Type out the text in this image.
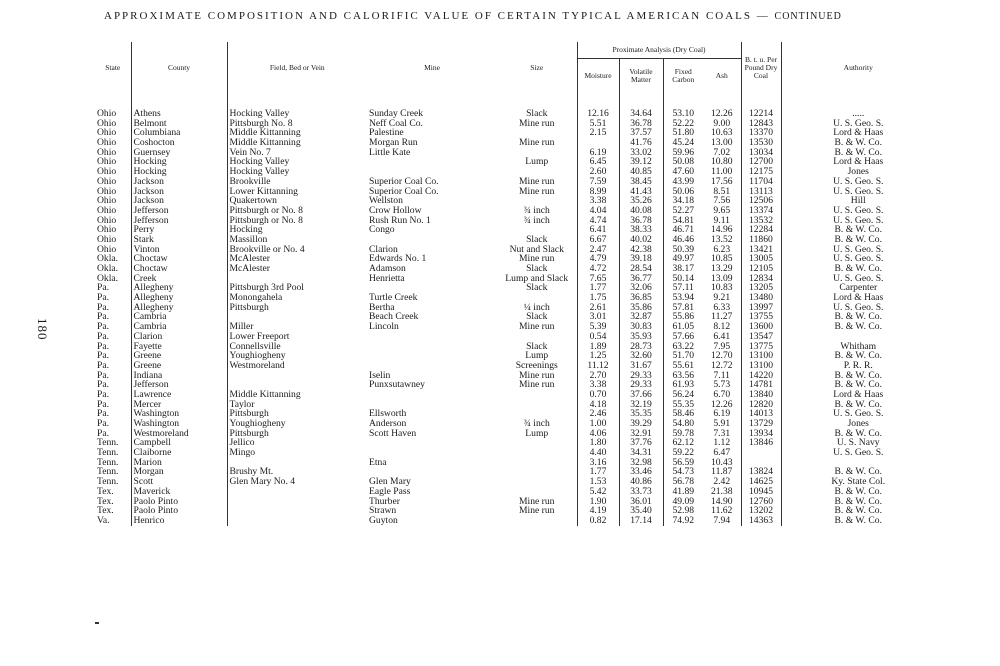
180
APPROXIMATE COMPOSITION AND CALORIFIC VALUE OF CERTAIN TYPICAL AMERICAN COALS — CONTINUED
State	County	Field, Bed or Vein	Mine	Size	Proximate Analysis (Dry Coal)				B. t. u. Per Pound Dry Coal	Authority
					Moisture	Volatile Matter	Fixed Carbon	Ash		

Ohio	Athens	Hocking Valley	Sunday Creek	Slack	12.16	34.64	53.10	12.26	12214	.....
Ohio	Belmont	Pittsburgh No. 8	Neff Coal Co.	Mine run	5.51	36.78	52.22	9.00	12843	U. S. Geo. S.
Ohio	Columbiana	Middle Kittanning	Palestine		2.15	37.57	51.80	10.63	13370	Lord & Haas
Ohio	Coshocton	Middle Kittanning	Morgan Run	Mine run		41.76	45.24	13.00	13530	B. & W. Co.
Ohio	Guernsey	Vein No. 7	Little Kate		6.19	33.02	59.96	7.02	13034	B. & W. Co.
Ohio	Hocking	Hocking Valley		Lump	6.45	39.12	50.08	10.80	12700	Lord & Haas
Ohio	Hocking	Hocking Valley			2.60	40.85	47.60	11.00	12175	Jones
Ohio	Jackson	Brookville	Superior Coal Co.	Mine run	7.59	38.45	43.99	17.56	11704	U. S. Geo. S.
Ohio	Jackson	Lower Kittanning	Superior Coal Co.	Mine run	8.99	41.43	50.06	8.51	13113	U. S. Geo. S.
Ohio	Jackson	Quakertown	Wellston		3.38	35.26	34.18	7.56	12506	Hill
Ohio	Jefferson	Pittsburgh or No. 8	Crow Hollow	¾ inch	4.04	40.08	52.27	9.65	13374	U. S. Geo. S.
Ohio	Jefferson	Pittsburgh or No. 8	Rush Run No. 1	¾ inch	4.74	36.78	54.81	9.11	13532	U. S. Geo. S.
Ohio	Perry	Hocking	Congo		6.41	38.33	46.71	14.96	12284	B. & W. Co.
Ohio	Stark	Massillon		Slack	6.67	40.02	46.46	13.52	11860	B. & W. Co.
Ohio	Vinton	Brookville or No. 4	Clarion	Nut and Slack	2.47	42.38	50.39	6.23	13421	U. S. Geo. S.
Okla.	Choctaw	McAlester	Edwards No. 1	Mine run	4.79	39.18	49.97	10.85	13005	U. S. Geo. S.
Okla.	Choctaw	McAlester	Adamson	Slack	4.72	28.54	38.17	13.29	12105	B. & W. Co.
Okla.	Creek		Henrietta	Lump and Slack	7.65	36.77	50.14	13.09	12834	U. S. Geo. S.
Pa.	Allegheny	Pittsburgh 3rd Pool		Slack	1.77	32.06	57.11	10.83	13205	Carpenter
Pa.	Allegheny	Monongahela	Turtle Creek		1.75	36.85	53.94	9.21	13480	Lord & Haas
Pa.	Allegheny	Pittsburgh	Bertha	¼ inch	2.61	35.86	57.81	6.33	13997	U. S. Geo. S.
Pa.	Cambria		Beach Creek	Slack	3.01	32.87	55.86	11.27	13755	B. & W. Co.
Pa.	Cambria	Miller	Lincoln	Mine run	5.39	30.83	61.05	8.12	13600	B. & W. Co.
Pa.	Clarion	Lower Freeport			0.54	35.93	57.66	6.41	13547	
Pa.	Fayette	Connellsville		Slack	1.89	28.73	63.22	7.95	13775	Whitham
Pa.	Greene	Youghiogheny		Lump	1.25	32.60	51.70	12.70	13100	B. & W. Co.
Pa.	Greene	Westmoreland		Screenings	11.12	31.67	55.61	12.72	13100	P. R. R.
Pa.	Indiana		Iselin	Mine run	2.70	29.33	63.56	7.11	14220	B. & W. Co.
Pa.	Jefferson		Punxsutawney	Mine run	3.38	29.33	61.93	5.73	14781	B. & W. Co.
Pa.	Lawrence	Middle Kittanning			0.70	37.66	56.24	6.70	13840	Lord & Haas
Pa.	Mercer	Taylor			4.18	32.19	55.35	12.26	12820	B. & W. Co.
Pa.	Washington	Pittsburgh	Ellsworth		2.46	35.35	58.46	6.19	14013	U. S. Geo. S.
Pa.	Washington	Youghiogheny	Anderson	¾ inch	1.00	39.29	54.80	5.91	13729	Jones
Pa.	Westmoreland	Pittsburgh	Scott Haven	Lump	4.06	32.91	59.78	7.31	13934	B. & W. Co.
Tenn.	Campbell	Jellico			1.80	37.76	62.12	1.12	13846	U. S. Navy
Tenn.	Claiborne	Mingo			4.40	34.31	59.22	6.47		U. S. Geo. S.
Tenn.	Marion		Etna		3.16	32.98	56.59	10.43		
Tenn.	Morgan	Brushy Mt.			1.77	33.46	54.73	11.87	13824	B. & W. Co.
Tenn.	Scott	Glen Mary No. 4	Glen Mary		1.53	40.86	56.78	2.42	14625	Ky. State Col.
Tex.	Maverick		Eagle Pass		5.42	33.73	41.89	21.38	10945	B. & W. Co.
Tex.	Paolo Pinto		Thurber	Mine run	1.90	36.01	49.09	14.90	12760	B. & W. Co.
Tex.	Paolo Pinto		Strawn	Mine run	4.19	35.40	52.98	11.62	13202	B. & W. Co.
Va.	Henrico		Guyton		0.82	17.14	74.92	7.94	14363	B. & W. Co.
